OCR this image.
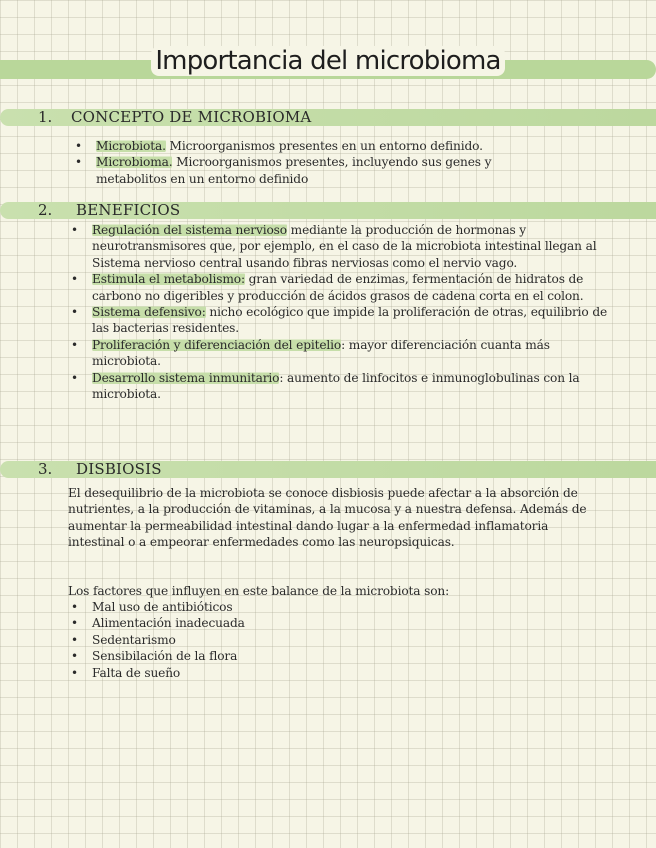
Importancia del microbioma
1. CONCEPTO DE MICROBIOMA
• Microbiota. Microorganismos presentes en un entorno definido.
• Microbioma. Microorganismos presentes, incluyendo sus genes y metabolitos en un entorno definido
2. BENEFICIOS
• Regulación del sistema nervioso mediante la producción de hormonas y neurotransmisores que, por ejemplo, en el caso de la microbiota intestinal llegan al Sistema nervioso central usando fibras nerviosas como el nervio vago.
• Estimula el metabolismo: gran variedad de enzimas, fermentación de hidratos de carbono no digeribles y producción de ácidos grasos de cadena corta en el colon.
• Sistema defensivo: nicho ecológico que impide la proliferación de otras, equilibrio de las bacterias residentes.
• Proliferación y diferenciación del epitelio: mayor diferenciación cuanta más microbiota.
• Desarrollo sistema inmunitario: aumento de linfocitos e inmunoglobulinas con la microbiota.
3. DISBIOSIS

El desequilibrio de la microbiota se conoce disbiosis puede afectar a la absorción de nutrientes, a la producción de vitaminas, a la mucosa y a nuestra defensa. Además de aumentar la permeabilidad intestinal dando lugar a la enfermedad inflamatoria intestinal o a empeorar enfermedades como las neuropsiquicas.

Los factores que influyen en este balance de la microbiota son:

• Mal uso de antibióticos
• Alimentación inadecuada
• Sedentarismo
• Sensibilación de la flora
• Falta de sueño
